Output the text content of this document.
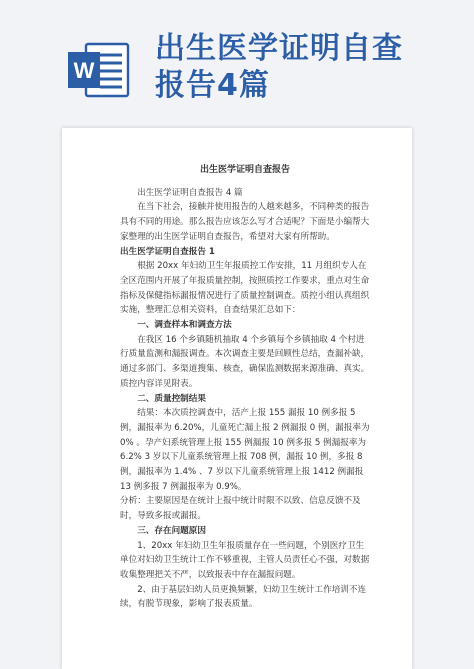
W
出生医学证明自查
报告4篇

出生医学证明自查报告

出生医学证明自查报告 4 篇

在当下社会，接触并使用报告的人越来越多，不同种类的报告具有不同的用途。那么报告应该怎么写才合适呢？下面是小编帮大家整理的出生医学证明自查报告，希望对大家有所帮助。

出生医学证明自查报告 1

根据 20xx 年妇幼卫生年报质控工作安排，11 月组织专人在全区范围内开展了年报质量控制，按照质控工作要求，重点对生命指标及保健指标漏报情况进行了质量控制调查。质控小组认真组织实施，整理汇总相关资料，自查结果汇总如下：

一、调查样本和调查方法

在我区 16 个乡镇随机抽取 4 个乡镇每个乡镇抽取 4 个村进行质量监测和漏报调查。本次调查主要是回顾性总结，查漏补缺，通过多部门、多渠道搜集、核查，确保监测数据来源准确、真实。质控内容详见附表。

二、质量控制结果

结果：本次质控调查中，活产上报 155 漏报 10 例多报 5 例，漏报率为 6.20%，儿童死亡漏上报 2 例漏报 0 例，漏报率为 0% 。孕产妇系统管理上报 155 例漏报 10 例多报 5 例漏报率为 6.2% 3 岁以下儿童系统管理上报 708 例，漏报 10 例，多报 8 例，漏报率为 1.4% 、7 岁以下儿童系统管理上报 1412 例漏报 13 例多报 7 例漏报率为 0.9%。

分析：主要原因是在统计上报中统计时限不以致、信息反馈不及时，导致多报或漏报。

三、存在问题原因

1、20xx 年妇幼卫生年报质量存在一些问题，个别医疗卫生单位对妇幼卫生统计工作不够重视，主管人员责任心不强，对数据收集整理把关不严，以致报表中存在漏报问题。

2、由于基层妇幼人员更换频繁，妇幼卫生统计工作培训不连续，有脱节现象，影响了报表质量。
